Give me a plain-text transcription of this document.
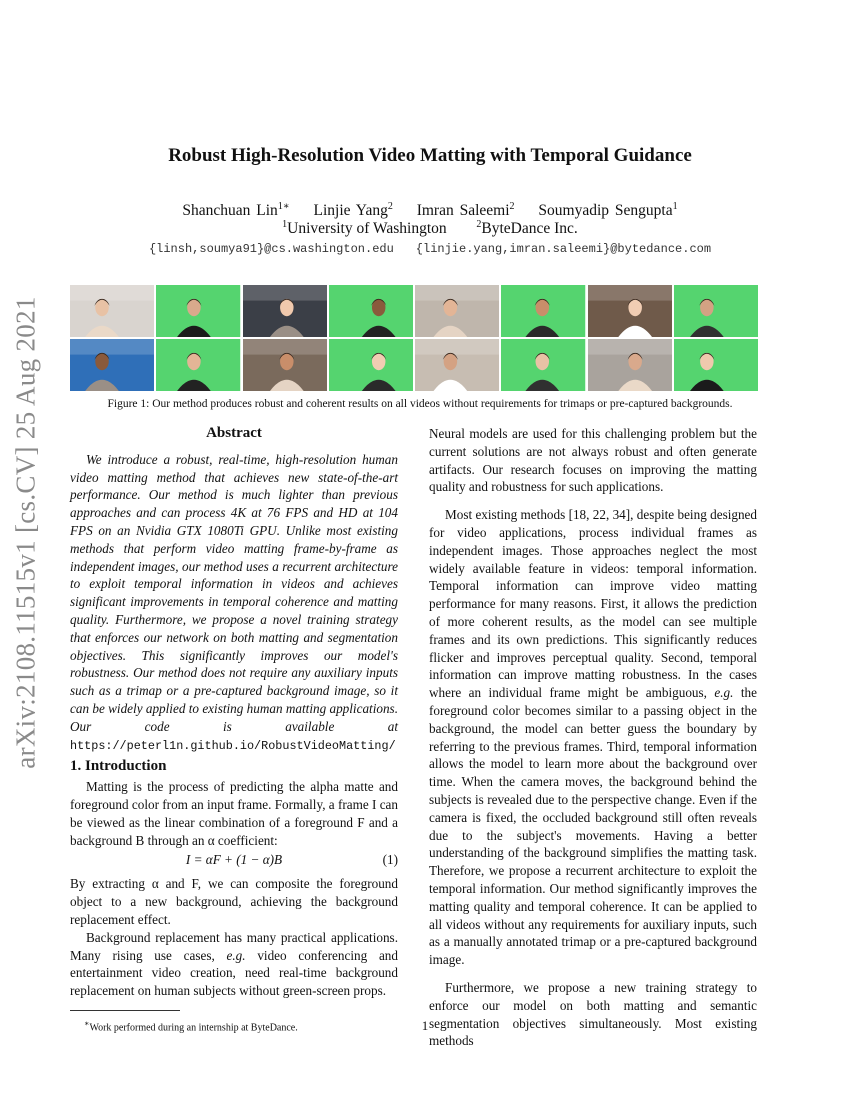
arXiv:2108.11515v1 [cs.CV] 25 Aug 2021
Robust High-Resolution Video Matting with Temporal Guidance
Shanchuan Lin$^{1∗}$ Linjie Yang$^2$ Imran Saleemi$^2$ Soumyadip Sengupta$^1$
$^1$University of Washington	$^2$ByteDance Inc.
{linsh,soumya91}@cs.washington.edu {linjie.yang,imran.saleemi}@bytedance.com
Figure 1: Our method produces robust and coherent results on all videos without requirements for trimaps or pre-captured backgrounds.
Abstract

We introduce a robust, real-time, high-resolution human video matting method that achieves new state-of-the-art performance. Our method is much lighter than previous approaches and can process 4K at 76 FPS and HD at 104 FPS on an Nvidia GTX 1080Ti GPU. Unlike most existing methods that perform video matting frame-by-frame as independent images, our method uses a recurrent architecture to exploit temporal information in videos and achieves significant improvements in temporal coherence and matting quality. Furthermore, we propose a novel training strategy that enforces our network on both matting and segmentation objectives. This significantly improves our model's robustness. Our method does not require any auxiliary inputs such as a trimap or a pre-captured background image, so it can be widely applied to existing human matting applications. Our code is available at https://peterl1n.github.io/RobustVideoMatting/

1. Introduction

Matting is the process of predicting the alpha matte and foreground color from an input frame. Formally, a frame I can be viewed as the linear combination of a foreground F and a background B through an α coefficient:

I = αF + (1 − α)B	(1)

By extracting α and F, we can composite the foreground object to a new background, achieving the background replacement effect.

Background replacement has many practical applications. Many rising use cases, e.g. video conferencing and entertainment video creation, need real-time background replacement on human subjects without green-screen props.

∗Work performed during an internship at ByteDance.

Neural models are used for this challenging problem but the current solutions are not always robust and often generate artifacts. Our research focuses on improving the matting quality and robustness for such applications.

Most existing methods [18, 22, 34], despite being designed for video applications, process individual frames as independent images. Those approaches neglect the most widely available feature in videos: temporal information. Temporal information can improve video matting performance for many reasons. First, it allows the prediction of more coherent results, as the model can see multiple frames and its own predictions. This significantly reduces flicker and improves perceptual quality. Second, temporal information can improve matting robustness. In the cases where an individual frame might be ambiguous, e.g. the foreground color becomes similar to a passing object in the background, the model can better guess the boundary by referring to the previous frames. Third, temporal information allows the model to learn more about the background over time. When the camera moves, the background behind the subjects is revealed due to the perspective change. Even if the camera is fixed, the occluded background still often reveals due to the subject's movements. Having a better understanding of the background simplifies the matting task. Therefore, we propose a recurrent architecture to exploit the temporal information. Our method significantly improves the matting quality and temporal coherence. It can be applied to all videos without any requirements for auxiliary inputs, such as a manually annotated trimap or a pre-captured background image.

Furthermore, we propose a new training strategy to enforce our model on both matting and semantic segmentation objectives simultaneously. Most existing methods

1
